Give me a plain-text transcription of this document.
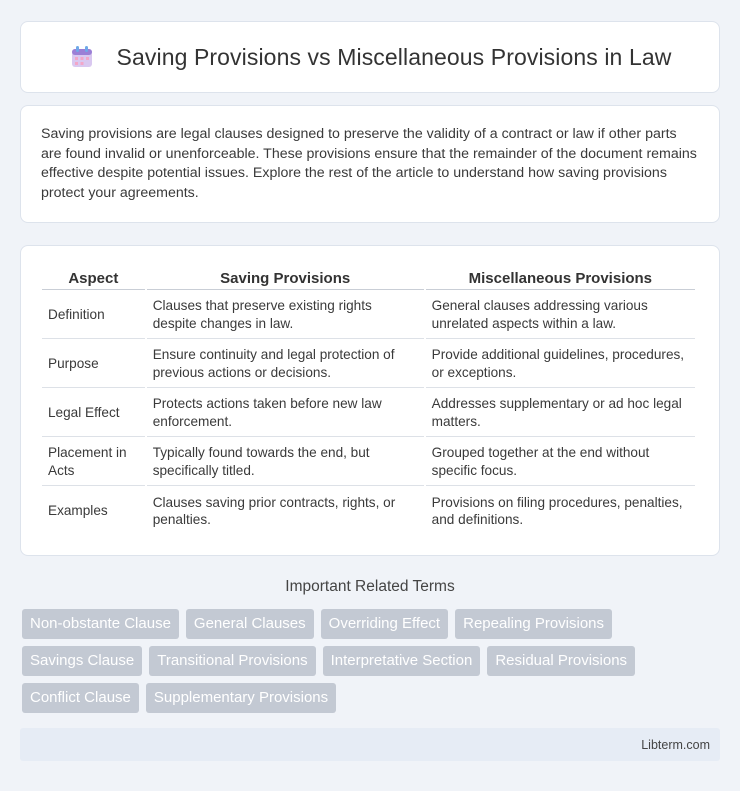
Saving Provisions vs Miscellaneous Provisions in Law

Saving provisions are legal clauses designed to preserve the validity of a contract or law if other parts are found invalid or unenforceable. These provisions ensure that the remainder of the document remains effective despite potential issues. Explore the rest of the article to understand how saving provisions protect your agreements.

Aspect	Saving Provisions	Miscellaneous Provisions
Definition	Clauses that preserve existing rights despite changes in law.	General clauses addressing various unrelated aspects within a law.
Purpose	Ensure continuity and legal protection of previous actions or decisions.	Provide additional guidelines, procedures, or exceptions.
Legal Effect	Protects actions taken before new law enforcement.	Addresses supplementary or ad hoc legal matters.
Placement in Acts	Typically found towards the end, but specifically titled.	Grouped together at the end without specific focus.
Examples	Clauses saving prior contracts, rights, or penalties.	Provisions on filing procedures, penalties, and definitions.
Important Related Terms
Non-obstante Clause	General Clauses	Overriding Effect	Repealing Provisions
Savings Clause	Transitional Provisions	Interpretative Section	Residual Provisions
Conflict Clause	Supplementary Provisions
Libterm.com
